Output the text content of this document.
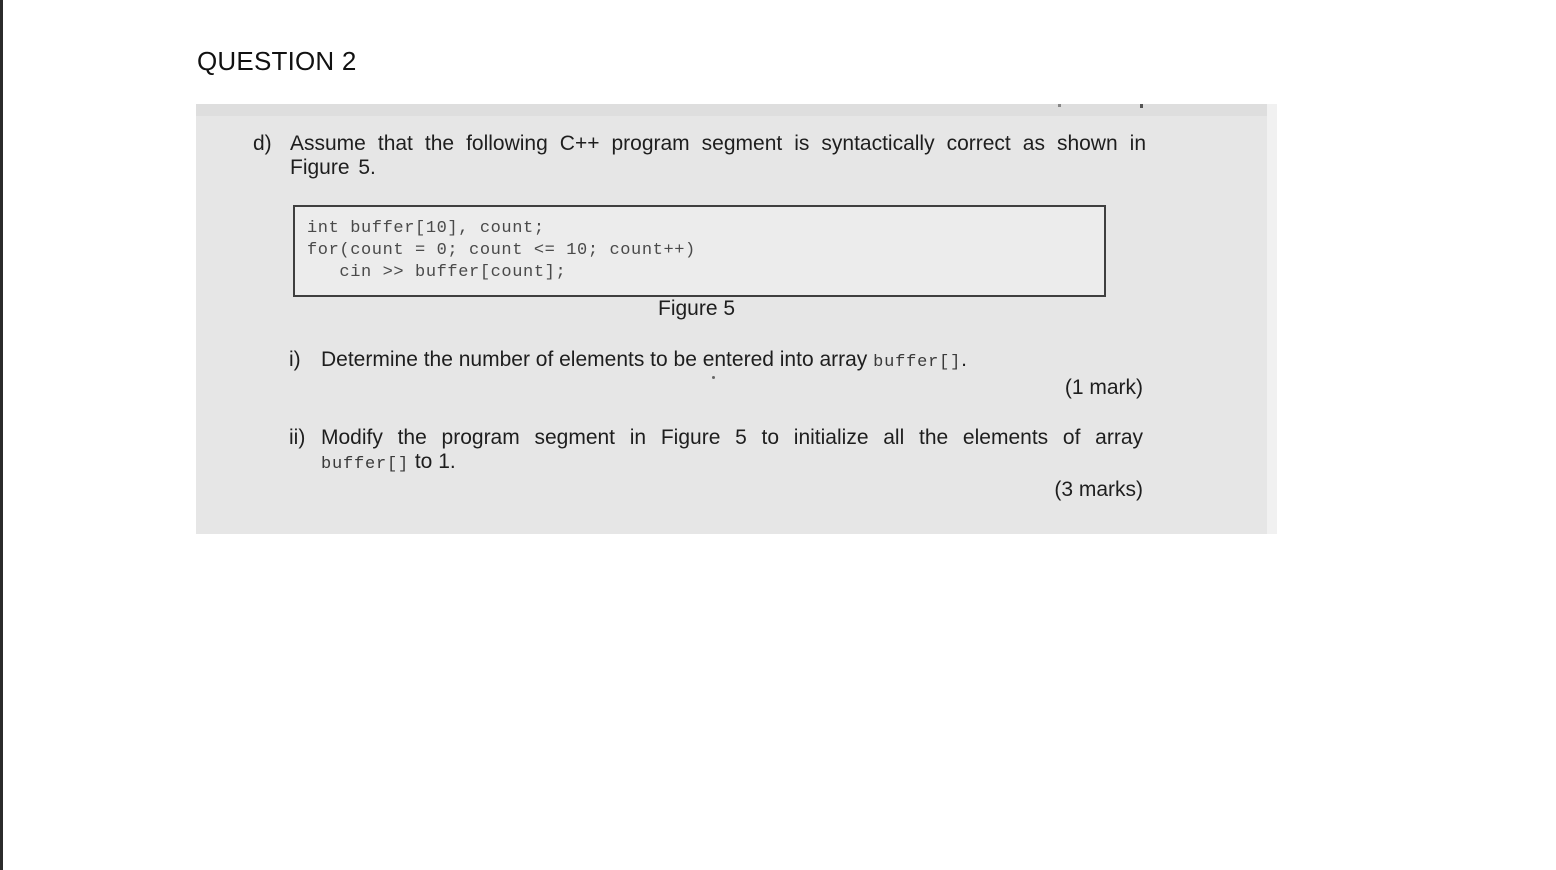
QUESTION 2
d) Assume that the following C++ program segment is syntactically correct as shown in Figure 5.
int buffer[10], count;
for(count = 0; count <= 10; count++)
cin >> buffer[count];
Figure 5
i) Determine the number of elements to be entered into array buffer[].
(1 mark)
ii) Modify the program segment in Figure 5 to initialize all the elements of array
buffer[] to 1.
(3 marks)
